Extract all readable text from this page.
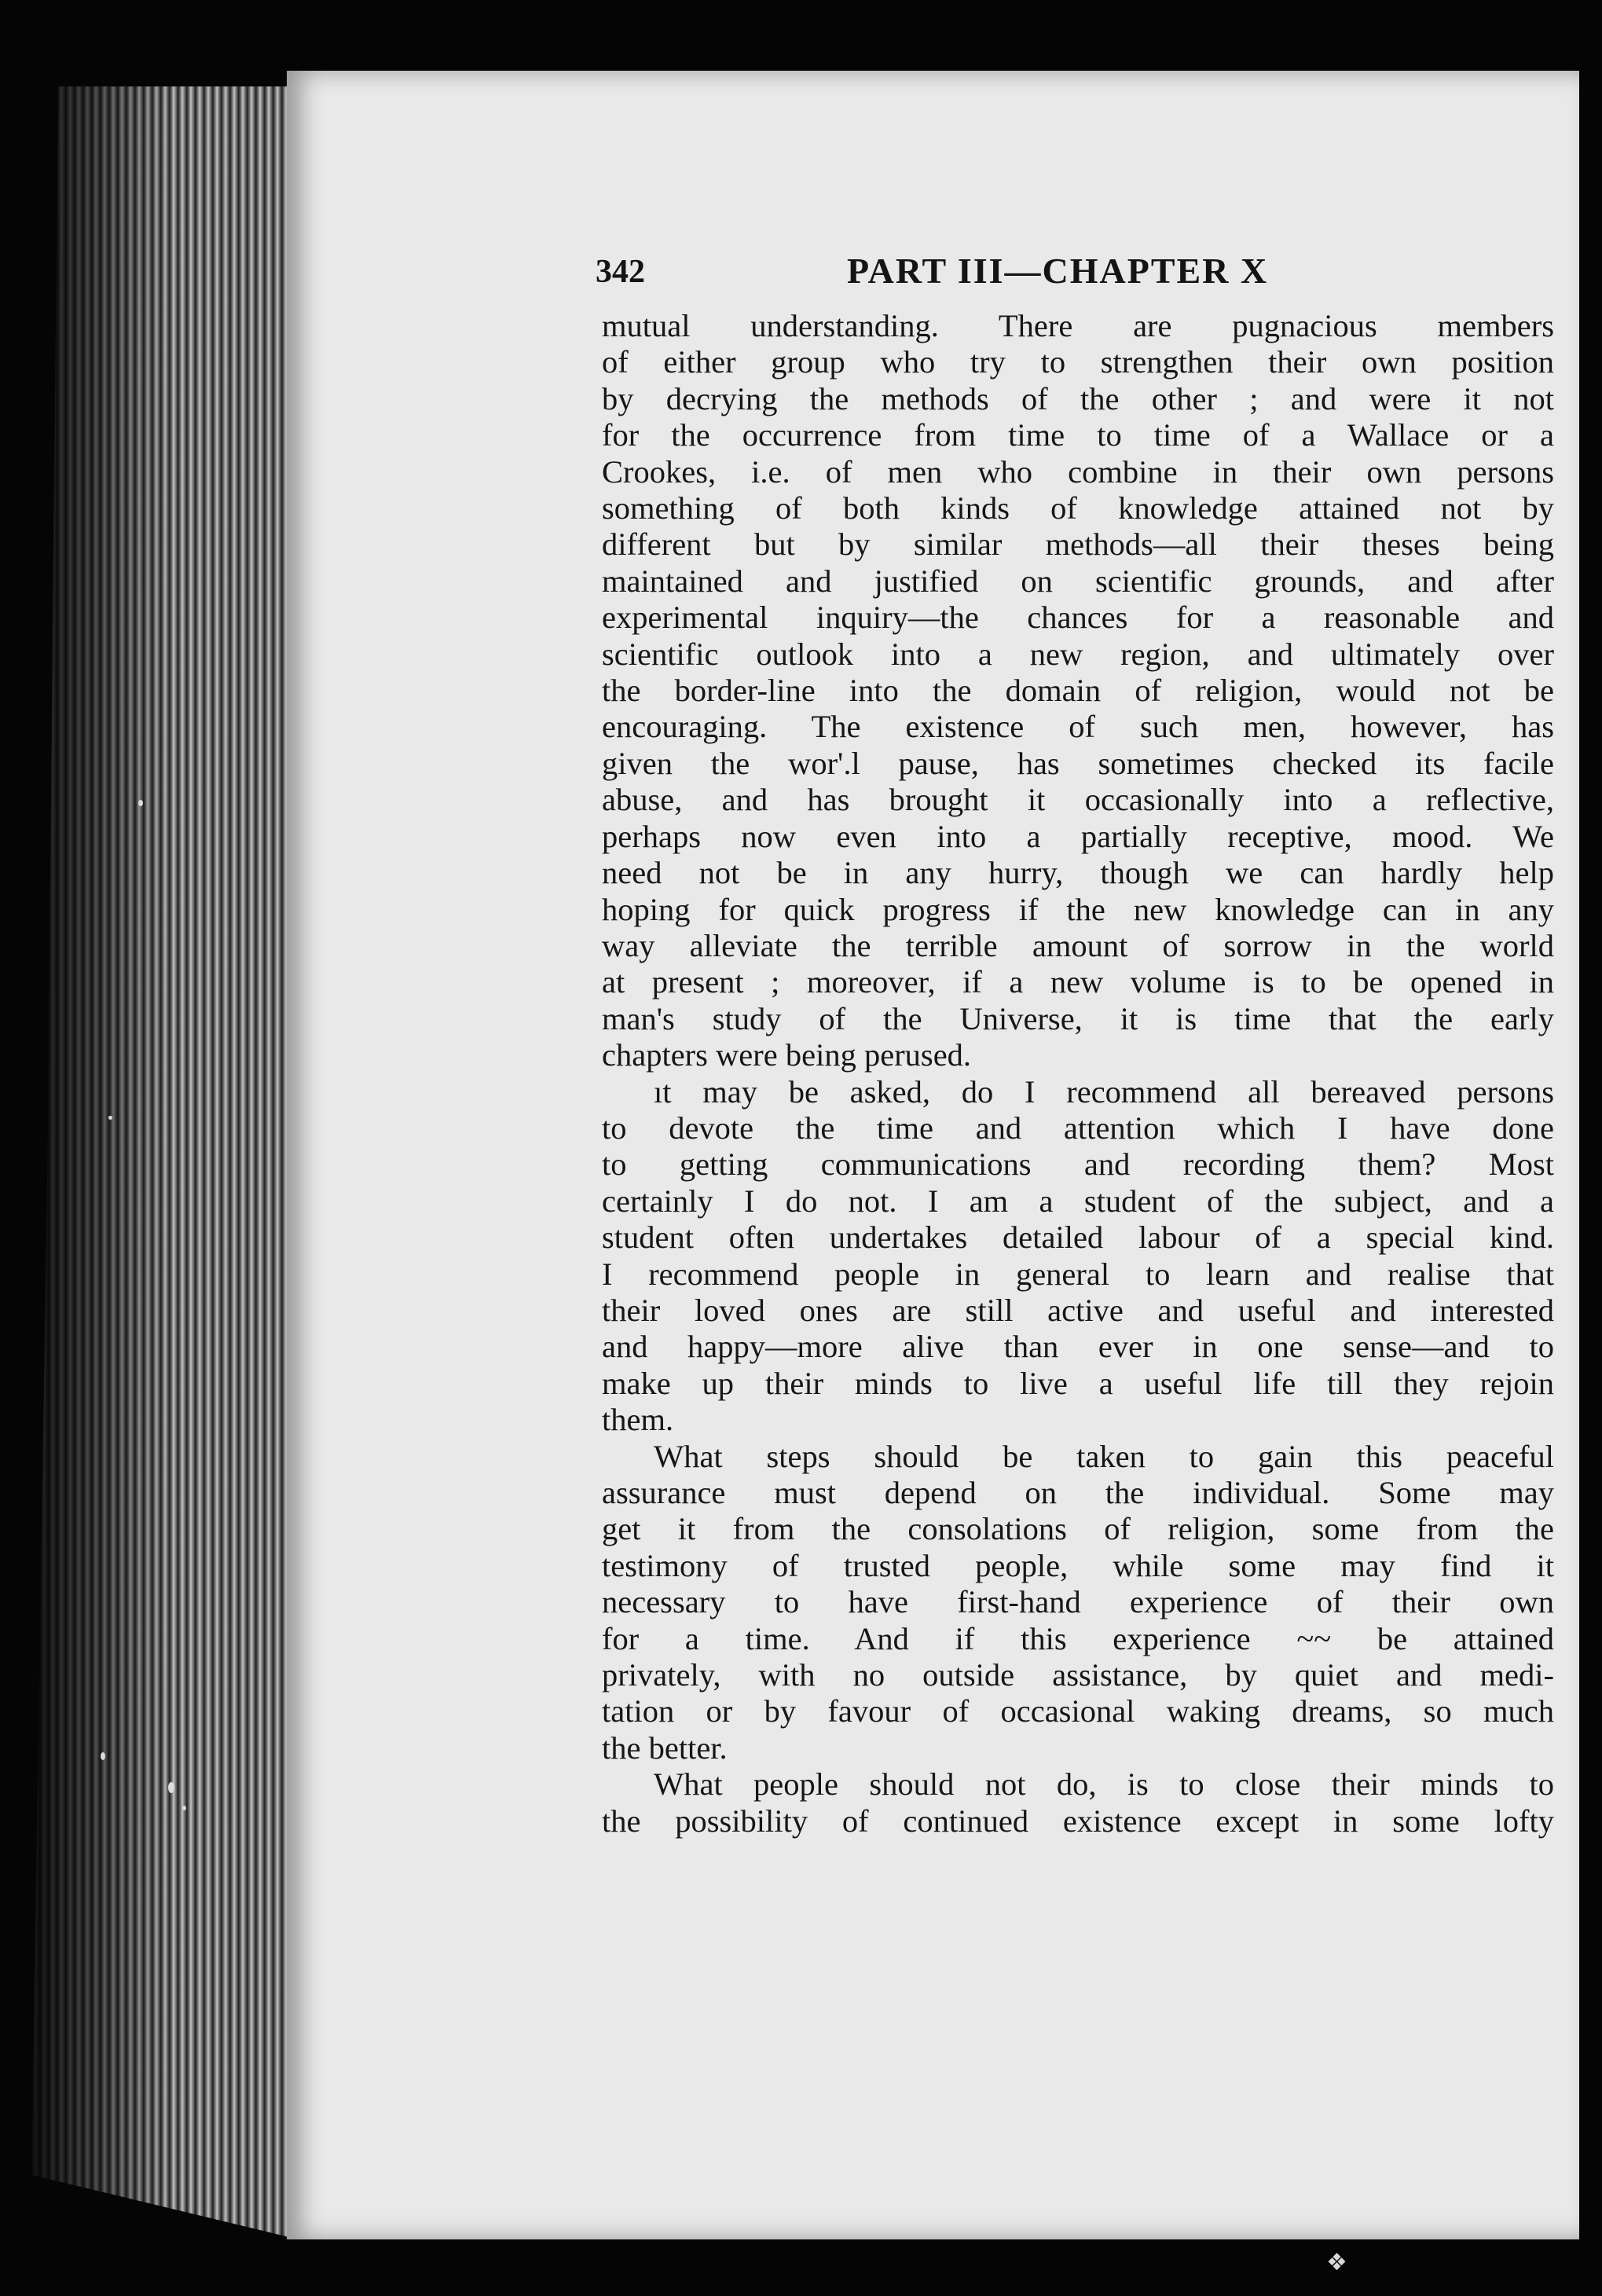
❖
342	PART III—CHAPTER X

mutual understanding. There are pugnacious members
of either group who try to strengthen their own position
by decrying the methods of the other ; and were it not
for the occurrence from time to time of a Wallace or a
Crookes, i.e. of men who combine in their own persons
something of both kinds of knowledge attained not by
different but by similar methods—all their theses being
maintained and justified on scientific grounds, and after
experimental inquiry—the chances for a reasonable and
scientific outlook into a new region, and ultimately over
the border-line into the domain of religion, would not be
encouraging. The existence of such men, however, has
given the wor'.l pause, has sometimes checked its facile
abuse, and has brought it occasionally into a reflective,
perhaps now even into a partially receptive, mood. We
need not be in any hurry, though we can hardly help
hoping for quick progress if the new knowledge can in any
way alleviate the terrible amount of sorrow in the world
at present ; moreover, if a new volume is to be opened in
man's study of the Universe, it is time that the early
chapters were being perused.

ıt may be asked, do I recommend all bereaved persons
to devote the time and attention which I have done
to getting communications and recording them? Most
certainly I do not. I am a student of the subject, and a
student often undertakes detailed labour of a special kind.
I recommend people in general to learn and realise that
their loved ones are still active and useful and interested
and happy—more alive than ever in one sense—and to
make up their minds to live a useful life till they rejoin
them.

What steps should be taken to gain this peaceful
assurance must depend on the individual. Some may
get it from the consolations of religion, some from the
testimony of trusted people, while some may find it
necessary to have first-hand experience of their own
for a time. And if this experience ~~ be attained
privately, with no outside assistance, by quiet and medi-
tation or by favour of occasional waking dreams, so much
the better.

What people should not do, is to close their minds to
the possibility of continued existence except in some lofty
